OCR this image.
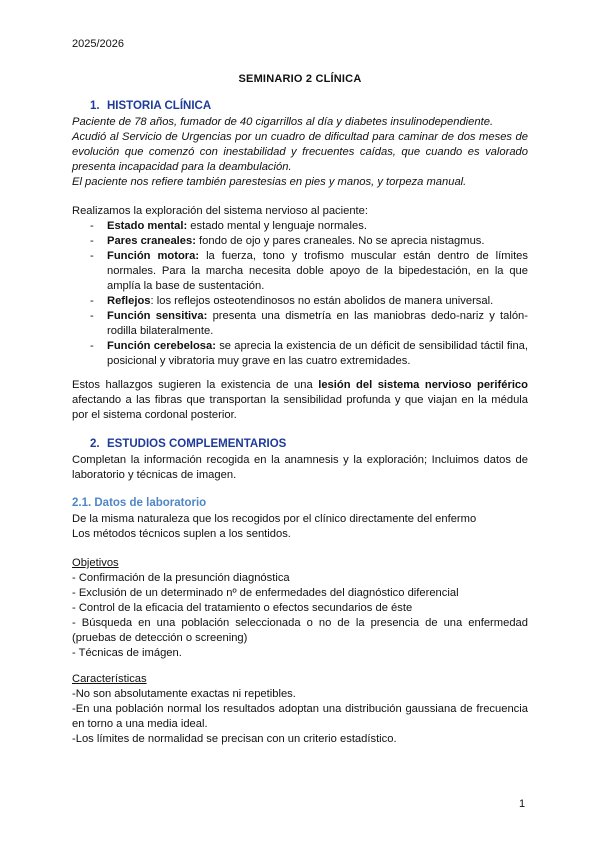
2025/2026
SEMINARIO 2 CLÍNICA
1. HISTORIA CLÍNICA
Paciente de 78 años, fumador de 40 cigarrillos al día y diabetes insulinodependiente.
Acudió al Servicio de Urgencias por un cuadro de dificultad para caminar de dos meses de evolución que comenzó con inestabilidad y frecuentes caídas, que cuando es valorado presenta incapacidad para la deambulación.
El paciente nos refiere también parestesias en pies y manos, y torpeza manual.
Realizamos la exploración del sistema nervioso al paciente:
- Estado mental: estado mental y lenguaje normales.
- Pares craneales: fondo de ojo y pares craneales. No se aprecia nistagmus.
- Función motora: la fuerza, tono y trofismo muscular están dentro de límites normales. Para la marcha necesita doble apoyo de la bipedestación, en la que amplía la base de sustentación.
- Reflejos: los reflejos osteotendinosos no están abolidos de manera universal.
- Función sensitiva: presenta una dismetría en las maniobras dedo-nariz y talón-rodilla bilateralmente.
- Función cerebelosa: se aprecia la existencia de un déficit de sensibilidad táctil fina, posicional y vibratoria muy grave en las cuatro extremidades.
Estos hallazgos sugieren la existencia de una lesión del sistema nervioso periférico afectando a las fibras que transportan la sensibilidad profunda y que viajan en la médula por el sistema cordonal posterior.
2. ESTUDIOS COMPLEMENTARIOS
Completan la información recogida en la anamnesis y la exploración; Incluimos datos de laboratorio y técnicas de imagen.
2.1. Datos de laboratorio
De la misma naturaleza que los recogidos por el clínico directamente del enfermo
Los métodos técnicos suplen a los sentidos.
Objetivos
- Confirmación de la presunción diagnóstica
- Exclusión de un determinado nº de enfermedades del diagnóstico diferencial
- Control de la eficacia del tratamiento o efectos secundarios de éste
- Búsqueda en una población seleccionada o no de la presencia de una enfermedad (pruebas de detección o screening)
- Técnicas de imágen.
Características
-No son absolutamente exactas ni repetibles.
-En una población normal los resultados adoptan una distribución gaussiana de frecuencia en torno a una media ideal.
-Los límites de normalidad se precisan con un criterio estadístico.
1
